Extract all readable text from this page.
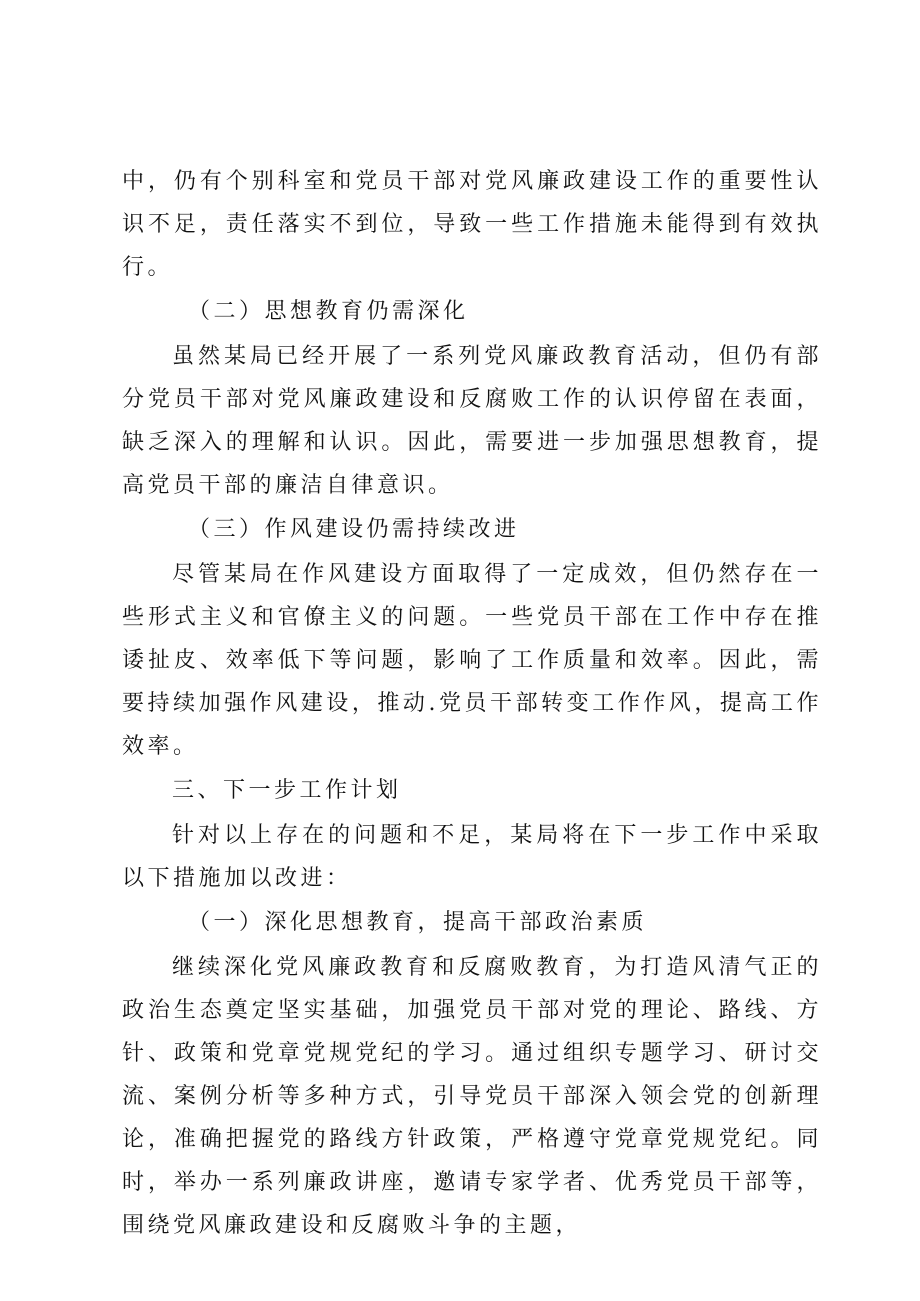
中，仍有个别科室和党员干部对党风廉政建设工作的重要性认识不足，责任落实不到位，导致一些工作措施未能得到有效执行。

（二）思想教育仍需深化

虽然某局已经开展了一系列党风廉政教育活动，但仍有部分党员干部对党风廉政建设和反腐败工作的认识停留在表面，缺乏深入的理解和认识。因此，需要进一步加强思想教育，提高党员干部的廉洁自律意识。

（三）作风建设仍需持续改进

尽管某局在作风建设方面取得了一定成效，但仍然存在一些形式主义和官僚主义的问题。一些党员干部在工作中存在推诿扯皮、效率低下等问题，影响了工作质量和效率。因此，需要持续加强作风建设，推动.党员干部转变工作作风，提高工作效率。

三、下一步工作计划

针对以上存在的问题和不足，某局将在下一步工作中采取以下措施加以改进：

（一）深化思想教育，提高干部政治素质

继续深化党风廉政教育和反腐败教育，为打造风清气正的政治生态奠定坚实基础，加强党员干部对党的理论、路线、方针、政策和党章党规党纪的学习。通过组织专题学习、研讨交流、案例分析等多种方式，引导党员干部深入领会党的创新理论，准确把握党的路线方针政策，严格遵守党章党规党纪。同时，举办一系列廉政讲座，邀请专家学者、优秀党员干部等，围绕党风廉政建设和反腐败斗争的主题，
